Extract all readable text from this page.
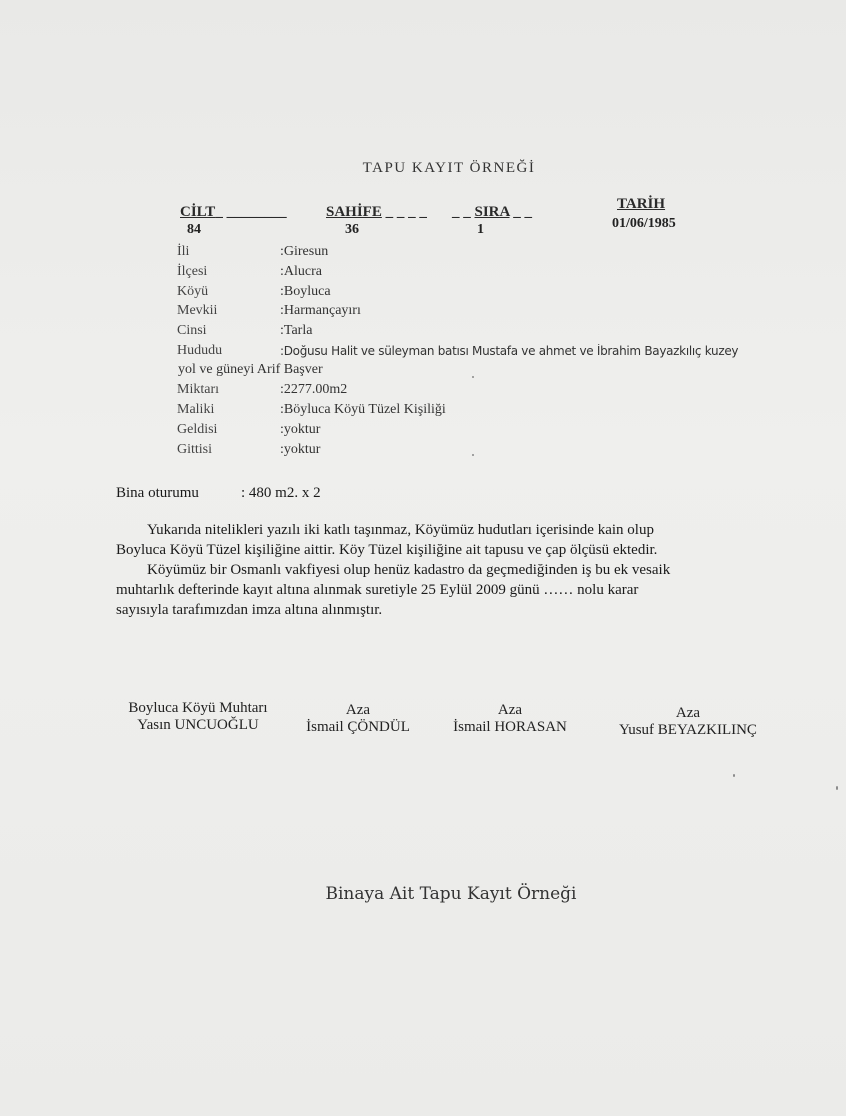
TAPU KAYIT ÖRNEĞİ
CİLT_ ________	SAHİFE _ _ _ _ _ _ SIRA _ _	TARİH
84	36	1	01/06/1985
İli	:Giresun
İlçesi	:Alucra
Köyü	:Boyluca
Mevkii	:Harmançayırı
Cinsi	:Tarla
Hududu	:Doğusu Halit ve süleyman batısı Mustafa ve ahmet ve İbrahim Bayazkılıç kuzey
yol ve güneyi Arif Başver
Miktarı	:2277.00m2
Maliki	:Böyluca Köyü Tüzel Kişiliği
Geldisi	:yoktur
Gittisi	:yoktur
Bina oturumu	: 480 m2. x 2
Yukarıda nitelikleri yazılı iki katlı taşınmaz, Köyümüz hudutları içerisinde kain olup
Boyluca Köyü Tüzel kişiliğine aittir. Köy Tüzel kişiliğine ait tapusu ve çap ölçüsü ektedir.
Köyümüz bir Osmanlı vakfiyesi olup henüz kadastro da geçmediğinden iş bu ek vesaik
muhtarlık defterinde kayıt altına alınmak suretiyle 25 Eylül 2009 günü …… nolu karar
sayısıyla tarafımızdan imza altına alınmıştır.
Boyluca Köyü Muhtarı
Yasın UNCUOĞLU
Aza
İsmail ÇÖNDÜL
Aza
İsmail HORASAN
Aza
Yusuf BEYAZKILINÇ
Binaya Ait Tapu Kayıt Örneği
